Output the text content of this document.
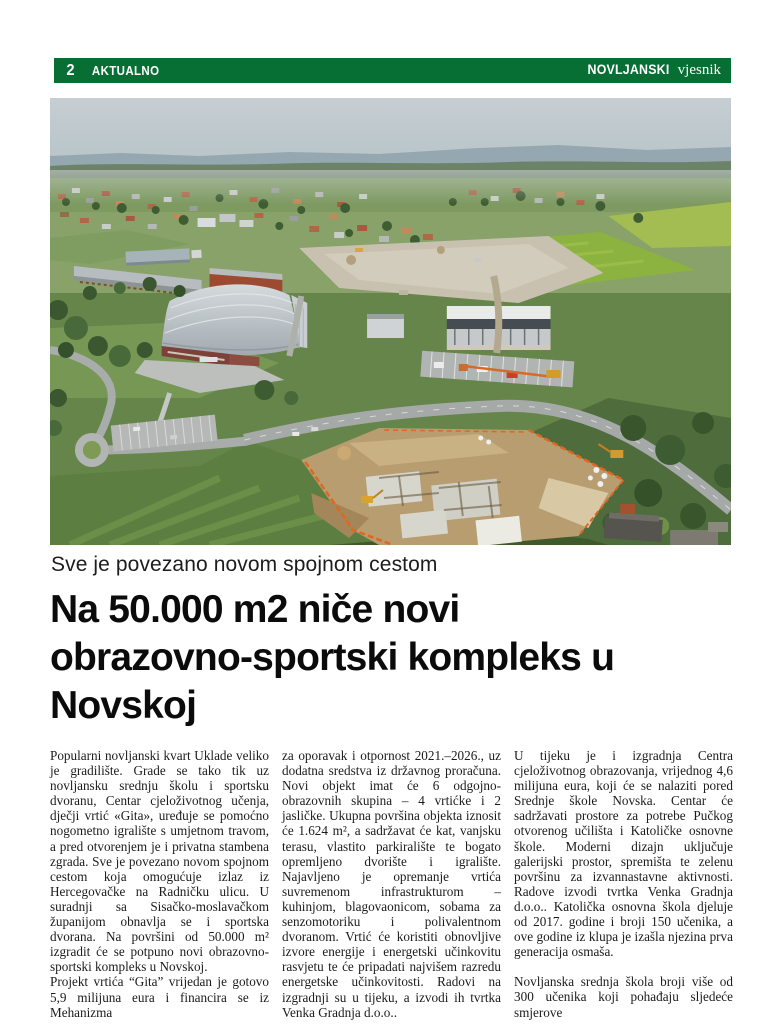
2 AKTUALNO	NOVLJANSKI vjesnik
Sve je povezano novom spojnom cestom
Na 50.000 m2 niče novi
obrazovno-sportski kompleks u
Novskoj

Popularni novljanski kvart Uklade veliko je gradilište. Grade se tako tik uz novljansku srednju školu i sportsku dvoranu, Centar cjeloživotnog učenja, dječji vrtić «Gita», uređuje se pomoćno nogometno igralište s umjetnom travom, a pred otvorenjem je i privatna stambena zgrada. Sve je povezano novom spojnom cestom koja omogućuje izlaz iz Hercegovačke na Radničku ulicu. U suradnji sa Sisačko-moslavačkom županijom obnavlja se i sportska dvorana. Na površini od 50.000 m² izgradit će se potpuno novi obrazovno-sportski kompleks u Novskoj.

Projekt vrtića “Gita” vrijedan je gotovo 5,9 milijuna eura i financira se iz Mehanizma

za oporavak i otpornost 2021.–2026., uz dodatna sredstva iz državnog proračuna. Novi objekt imat će 6 odgojno-obrazovnih skupina – 4 vrtićke i 2 jasličke. Ukupna površina objekta iznosit će 1.624 m², a sadržavat će kat, vanjsku terasu, vlastito parkiralište te bogato opremljeno dvorište i igralište. Najavljeno je opremanje vrtića suvremenom infrastrukturom – kuhinjom, blagovaonicom, sobama za senzomotoriku i polivalentnom dvoranom. Vrtić će koristiti obnovljive izvore energije i energetski učinkovitu rasvjetu te će pripadati najvišem razredu energetske učinkovitosti. Radovi na izgradnji su u tijeku, a izvodi ih tvrtka Venka Gradnja d.o.o..

U tijeku je i izgradnja Centra cjeloživotnog obrazovanja, vrijednog 4,6 milijuna eura, koji će se nalaziti pored Srednje škole Novska. Centar će sadržavati prostore za potrebe Pučkog otvorenog učilišta i Katoličke osnovne škole. Moderni dizajn uključuje galerijski prostor, spremišta te zelenu površinu za izvannastavne aktivnosti. Radove izvodi tvrtka Venka Gradnja d.o.o.. Katolička osnovna škola djeluje od 2017. godine i broji 150 učenika, a ove godine iz klupa je izašla njezina prva generacija osmaša.

Novljanska srednja škola broji više od 300 učenika koji pohađaju sljedeće smjerove
